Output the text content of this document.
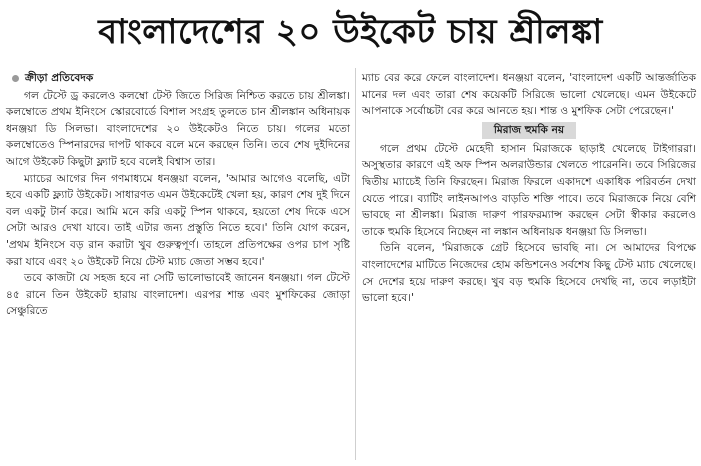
বাংলাদেশের ২০ উইকেট চায় শ্রীলঙ্কা
ক্রীড়া প্রতিবেদক

গল টেস্টে ড্র করলেও কলম্বো টেস্ট জিতে সিরিজ নিশ্চিত করতে চায় শ্রীলঙ্কা। কলম্বোতে প্রথম ইনিংসে স্কোরবোর্ডে বিশাল সংগ্রহ তুলতে চান শ্রীলঙ্কান অধিনায়ক ধনঞ্জয়া ডি সিলভা। বাংলাদেশের ২০ উইকেটও নিতে চায়। গলের মতো কলম্বোতেও স্পিনারদের দাপট থাকবে বলে মনে করছেন তিনি। তবে শেষ দুইদিনের আগে উইকেট কিছুটা ফ্ল্যাট হবে বলেই বিশ্বাস তার।

ম্যাচের আগের দিন গণমাধ্যমে ধনঞ্জয়া বলেন, 'আমার আগেও বলেছি, এটা হবে একটি ফ্ল্যাট উইকেট। সাধারণত এমন উইকেটেই খেলা হয়, কারণ শেষ দুই দিনে বল একটু টার্ন করে। আমি মনে করি একটু স্পিন থাকবে, হয়তো শেষ দিকে এসে সেটা আরও দেখা যাবে। তাই এটার জন্য প্রস্তুতি নিতে হবে।' তিনি যোগ করেন, 'প্রথম ইনিংসে বড় রান করাটা খুব গুরুত্বপূর্ণ। তাহলে প্রতিপক্ষের ওপর চাপ সৃষ্টি করা যাবে এবং ২০ উইকেট নিয়ে টেস্ট ম্যাচ জেতা সম্ভব হবে।'

তবে কাজটা যে সহজ হবে না সেটি ভালোভাবেই জানেন ধনঞ্জয়া। গল টেস্টে ৪৫ রানে তিন উইকেট হারায় বাংলাদেশ। এরপর শান্ত এবং মুশফিকের জোড়া সেঞ্চুরিতে

ম্যাচ বের করে ফেলে বাংলাদেশ। ধনঞ্জয়া বলেন, 'বাংলাদেশ একটি আন্তর্জাতিক মানের দল এবং তারা শেষ কয়েকটি সিরিজে ভালো খেলেছে। এমন উইকেটে আপনাকে সর্বোচ্চটা বের করে আনতে হয়। শান্ত ও মুশফিক সেটা পেরেছেন।'

মিরাজ হুমকি নয়

গলে প্রথম টেস্টে মেহেদী হাসান মিরাজকে ছাড়াই খেলেছে টাইগাররা। অসুস্থতার কারণে এই অফ স্পিন অলরাউন্ডার খেলতে পারেননি। তবে সিরিজের দ্বিতীয় ম্যাচেই তিনি ফিরছেন। মিরাজ ফিরলে একাদশে একাধিক পরিবর্তন দেখা যেতে পারে। ব্যাটিং লাইনআপও বাড়তি শক্তি পাবে। তবে মিরাজকে নিয়ে বেশি ভাবছে না শ্রীলঙ্কা। মিরাজ দারুণ পারফরম্যান্স করছেন সেটা স্বীকার করলেও তাকে হুমকি হিসেবে নিচ্ছেন না লঙ্কান অধিনায়ক ধনঞ্জয়া ডি সিলভা।

তিনি বলেন, 'মিরাজকে গ্রেট হিসেবে ভাবছি না। সে আমাদের বিপক্ষে বাংলাদেশের মাটিতে নিজেদের হোম কন্ডিশনেও সর্বশেষ কিছু টেস্ট ম্যাচ খেলেছে। সে দেশের হয়ে দারুণ করছে। খুব বড় হুমকি হিসেবে দেখছি না, তবে লড়াইটা ভালো হবে।'
